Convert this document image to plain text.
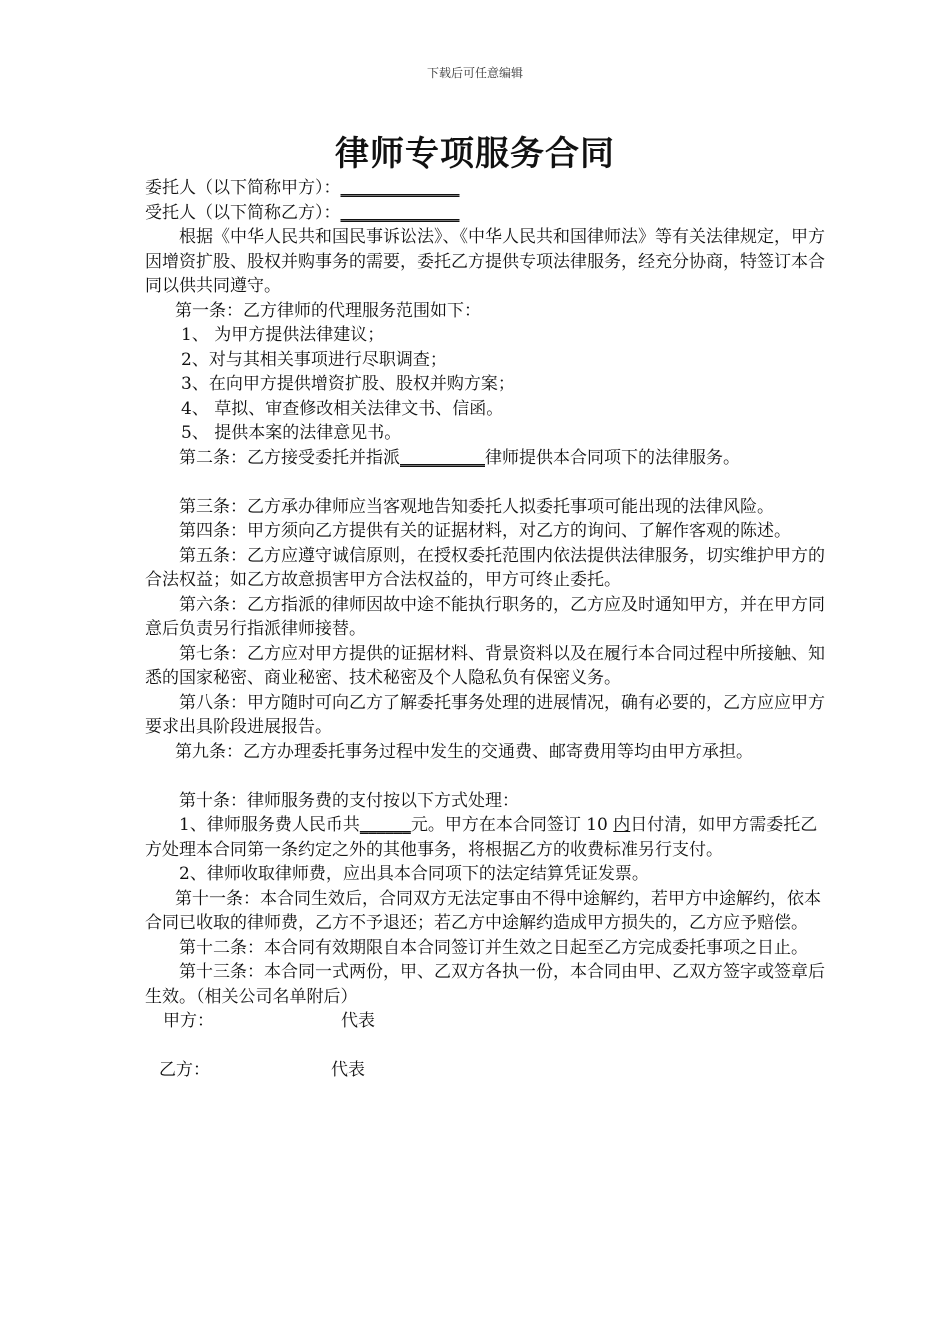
下载后可任意编辑
律师专项服务合同

委托人（以下简称甲方）：______________

受托人（以下简称乙方）：______________

根据《中华人民共和国民事诉讼法》、《中华人民共和国律师法》等有关法律规定，甲方因增资扩股、股权并购事务的需要，委托乙方提供专项法律服务，经充分协商，特签订本合同以供共同遵守。

第一条：乙方律师的代理服务范围如下：

1、 为甲方提供法律建议；

2、对与其相关事项进行尽职调查；

3、在向甲方提供增资扩股、股权并购方案；

4、 草拟、审查修改相关法律文书、信函。

5、 提供本案的法律意见书。

第二条：乙方接受委托并指派__________律师提供本合同项下的法律服务。

第三条：乙方承办律师应当客观地告知委托人拟委托事项可能出现的法律风险。

第四条：甲方须向乙方提供有关的证据材料，对乙方的询问、了解作客观的陈述。

第五条：乙方应遵守诚信原则，在授权委托范围内依法提供法律服务，切实维护甲方的合法权益；如乙方故意损害甲方合法权益的，甲方可终止委托。

第六条：乙方指派的律师因故中途不能执行职务的，乙方应及时通知甲方，并在甲方同意后负责另行指派律师接替。

第七条：乙方应对甲方提供的证据材料、背景资料以及在履行本合同过程中所接触、知悉的国家秘密、商业秘密、技术秘密及个人隐私负有保密义务。

第八条：甲方随时可向乙方了解委托事务处理的进展情况，确有必要的，乙方应应甲方要求出具阶段进展报告。

第九条：乙方办理委托事务过程中发生的交通费、邮寄费用等均由甲方承担。

第十条：律师服务费的支付按以下方式处理：

1、律师服务费人民币共______元。甲方在本合同签订 10 内日付清，如甲方需委托乙方处理本合同第一条约定之外的其他事务，将根据乙方的收费标准另行支付。

2、律师收取律师费，应出具本合同项下的法定结算凭证发票。

第十一条：本合同生效后，合同双方无法定事由不得中途解约，若甲方中途解约，依本合同已收取的律师费，乙方不予退还；若乙方中途解约造成甲方损失的，乙方应予赔偿。

第十二条：本合同有效期限自本合同签订并生效之日起至乙方完成委托事项之日止。

第十三条：本合同一式两份，甲、乙双方各执一份，本合同由甲、乙双方签字或签章后生效。（相关公司名单附后）

甲方：	代表
乙方：	代表
